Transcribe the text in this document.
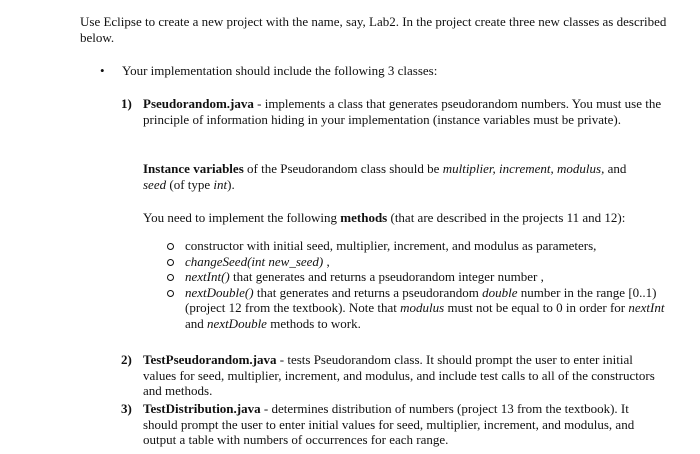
Use Eclipse to create a new project with the name, say, Lab2. In the project create three new classes as described below.
• Your implementation should include the following 3 classes:
1) Pseudorandom.java - implements a class that generates pseudorandom numbers. You must use the principle of information hiding in your implementation (instance variables must be private).
Instance variables of the Pseudorandom class should be multiplier, increment, modulus, and
seed (of type int).
You need to implement the following methods (that are described in the projects 11 and 12):

constructor with initial seed, multiplier, increment, and modulus as parameters,

changeSeed(int new_seed) ,

nextInt() that generates and returns a pseudorandom integer number ,

nextDouble() that generates and returns a pseudorandom double number in the range [0..1) (project 12 from the textbook). Note that modulus must not be equal to 0 in order for nextInt and nextDouble methods to work.

2) TestPseudorandom.java - tests Pseudorandom class. It should prompt the user to enter initial values for seed, multiplier, increment, and modulus, and include test calls to all of the constructors and methods.
3) TestDistribution.java - determines distribution of numbers (project 13 from the textbook). It should prompt the user to enter initial values for seed, multiplier, increment, and modulus, and output a table with numbers of occurrences for each range.
